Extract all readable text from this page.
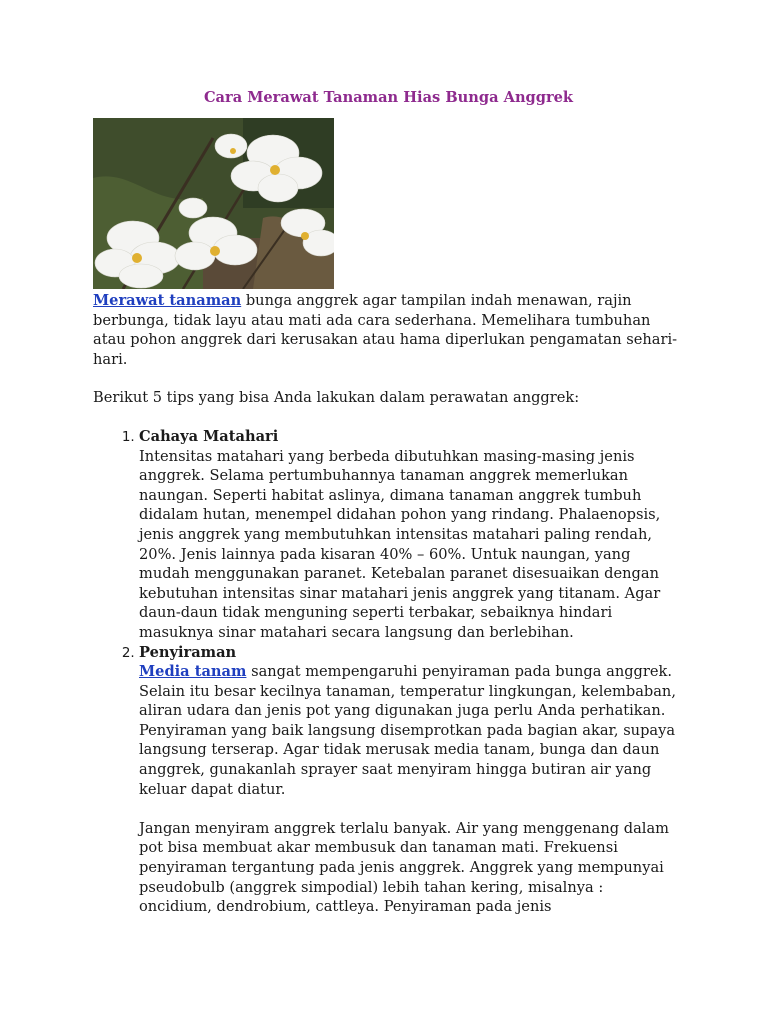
Cara Merawat Tanaman Hias Bunga Anggrek

Merawat tanaman bunga anggrek agar tampilan indah menawan, rajin berbunga, tidak layu atau mati ada cara sederhana. Memelihara tumbuhan atau pohon anggrek dari kerusakan atau hama diperlukan pengamatan sehari-hari.

Berikut 5 tips yang bisa Anda lakukan dalam perawatan anggrek:

1. Cahaya Matahari
Intensitas matahari yang berbeda dibutuhkan masing-masing jenis anggrek. Selama pertumbuhannya tanaman anggrek memerlukan naungan. Seperti habitat aslinya, dimana tanaman anggrek tumbuh didalam hutan, menempel didahan pohon yang rindang. Phalaenopsis, jenis anggrek yang membutuhkan intensitas matahari paling rendah, 20%. Jenis lainnya pada kisaran 40% – 60%. Untuk naungan, yang mudah menggunakan paranet. Ketebalan paranet disesuaikan dengan kebutuhan intensitas sinar matahari jenis anggrek yang titanam. Agar daun-daun tidak menguning seperti terbakar, sebaiknya hindari masuknya sinar matahari secara langsung dan berlebihan.
2. Penyiraman
Media tanam sangat mempengaruhi penyiraman pada bunga anggrek. Selain itu besar kecilnya tanaman, temperatur lingkungan, kelembaban, aliran udara dan jenis pot yang digunakan juga perlu Anda perhatikan. Penyiraman yang baik langsung disemprotkan pada bagian akar, supaya langsung terserap. Agar tidak merusak media tanam, bunga dan daun anggrek, gunakanlah sprayer saat menyiram hingga butiran air yang keluar dapat diatur.

Jangan menyiram anggrek terlalu banyak. Air yang menggenang dalam pot bisa membuat akar membusuk dan tanaman mati. Frekuensi penyiraman tergantung pada jenis anggrek. Anggrek yang mempunyai pseudobulb (anggrek simpodial) lebih tahan kering, misalnya : oncidium, dendrobium, cattleya. Penyiraman pada jenis
